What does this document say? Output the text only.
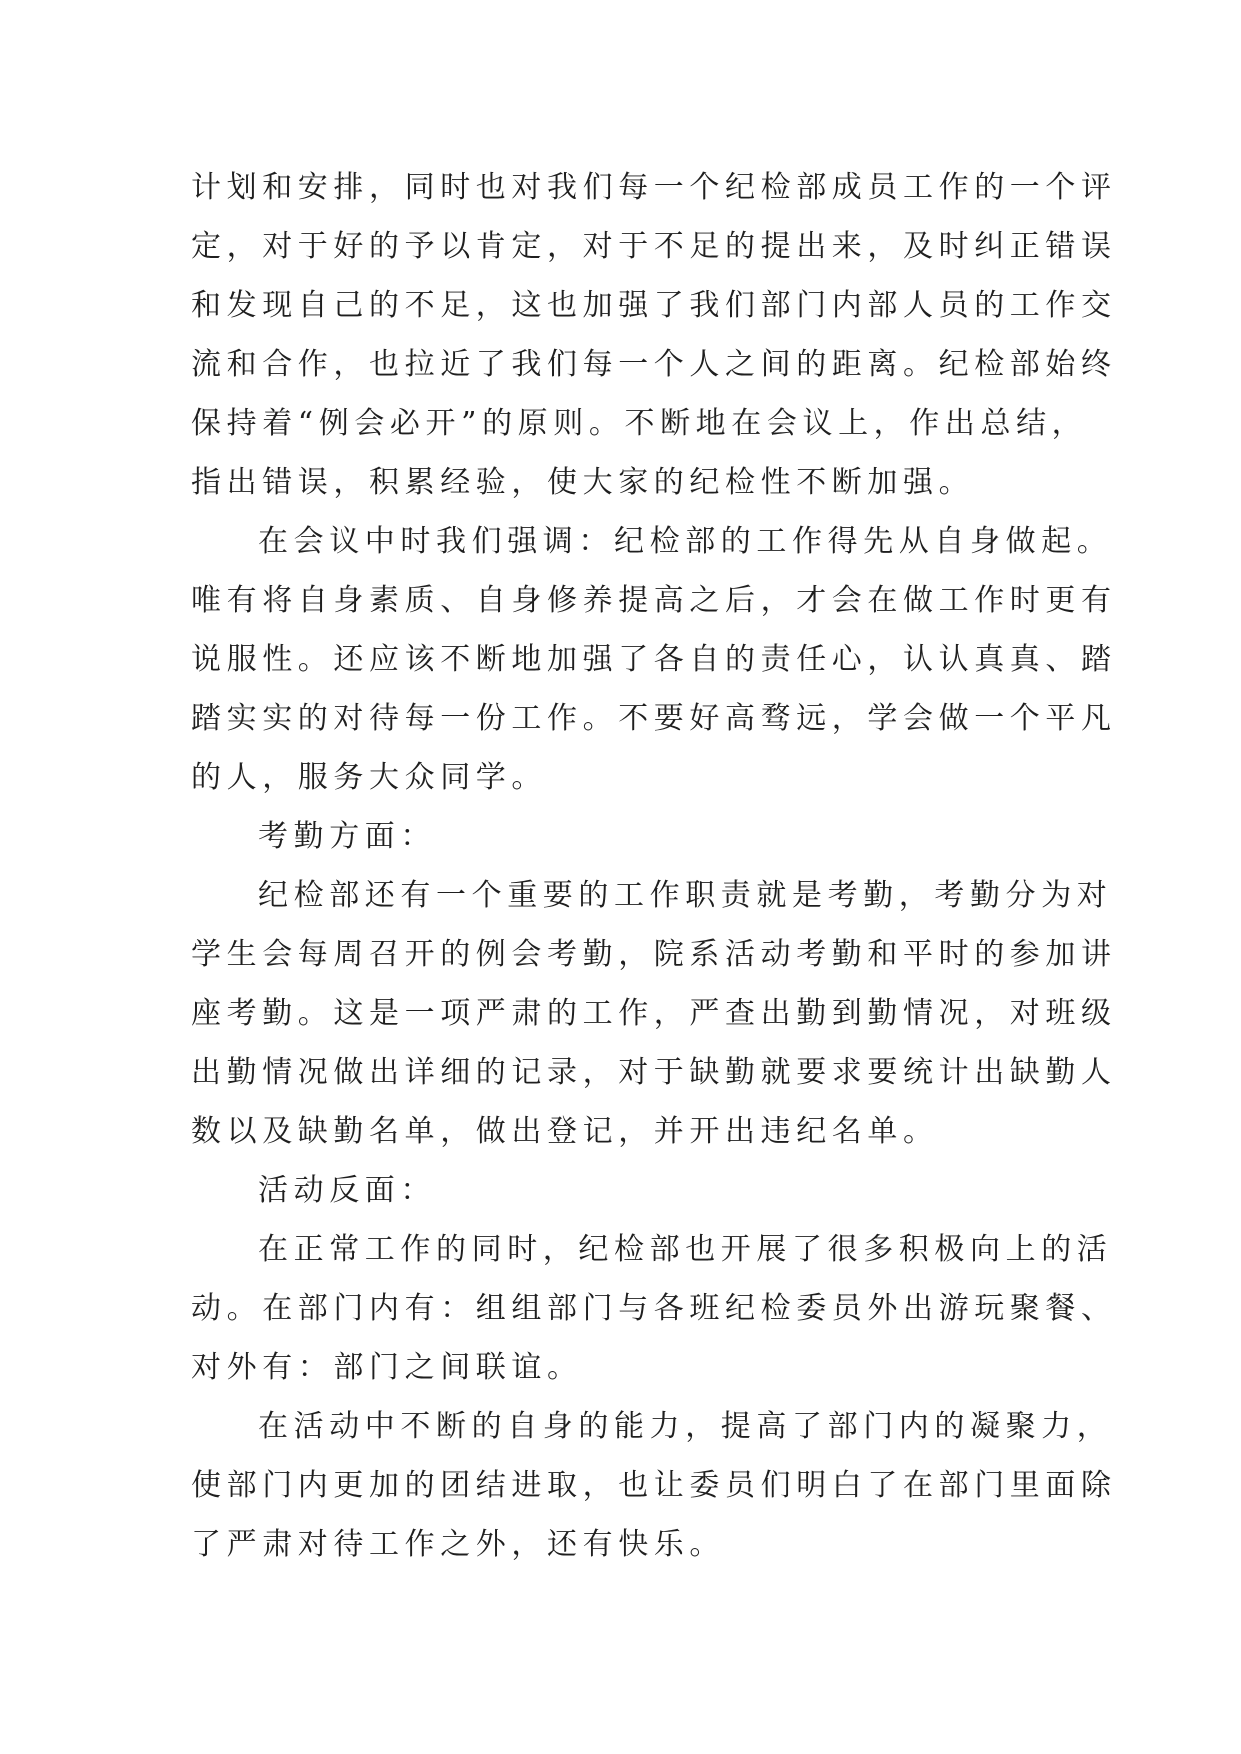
计划和安排，同时也对我们每一个纪检部成员工作的一个评
定，对于好的予以肯定，对于不足的提出来，及时纠正错误
和发现自己的不足，这也加强了我们部门内部人员的工作交
流和合作，也拉近了我们每一个人之间的距离。纪检部始终
保持着“例会必开”的原则。不断地在会议上，作出总结，
指出错误，积累经验，使大家的纪检性不断加强。
在会议中时我们强调：纪检部的工作得先从自身做起。
唯有将自身素质、自身修养提高之后，才会在做工作时更有
说服性。还应该不断地加强了各自的责任心，认认真真、踏
踏实实的对待每一份工作。不要好高骛远，学会做一个平凡
的人，服务大众同学。
考勤方面：
纪检部还有一个重要的工作职责就是考勤，考勤分为对
学生会每周召开的例会考勤，院系活动考勤和平时的参加讲
座考勤。这是一项严肃的工作，严查出勤到勤情况，对班级
出勤情况做出详细的记录，对于缺勤就要求要统计出缺勤人
数以及缺勤名单，做出登记，并开出违纪名单。
活动反面：
在正常工作的同时，纪检部也开展了很多积极向上的活
动。在部门内有：组组部门与各班纪检委员外出游玩聚餐、
对外有：部门之间联谊。
在活动中不断的自身的能力，提高了部门内的凝聚力，
使部门内更加的团结进取，也让委员们明白了在部门里面除
了严肃对待工作之外，还有快乐。
